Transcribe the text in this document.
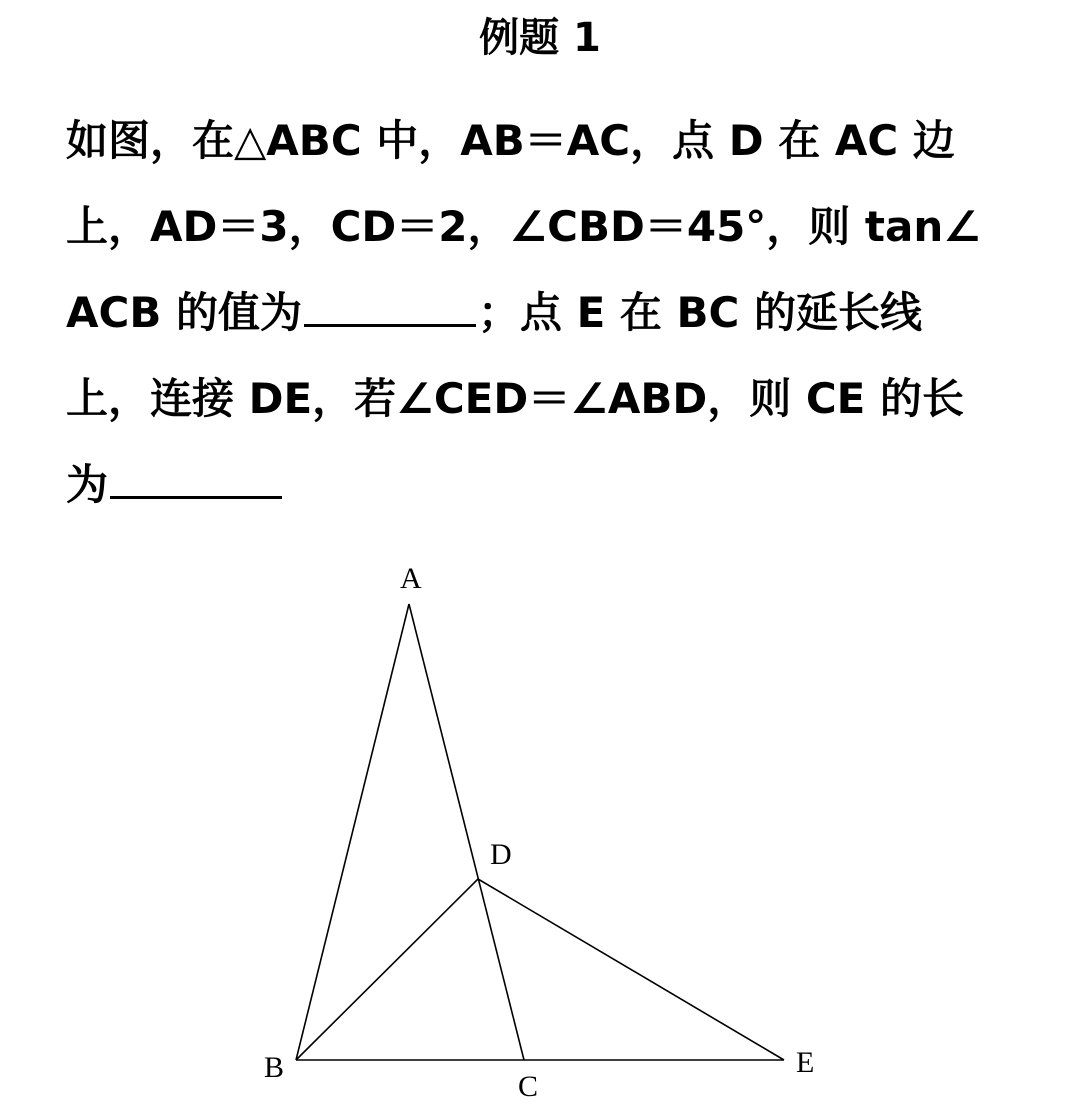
例题 1
如图，在△ABC 中，AB＝AC，点 D 在 AC 边
上，AD＝3，CD＝2，∠CBD＝45°，则 tan∠
ACB 的值为	；点 E 在 BC 的延长线
上，连接 DE，若∠CED＝∠ABD，则 CE 的长
为
A
D
B
C
E
